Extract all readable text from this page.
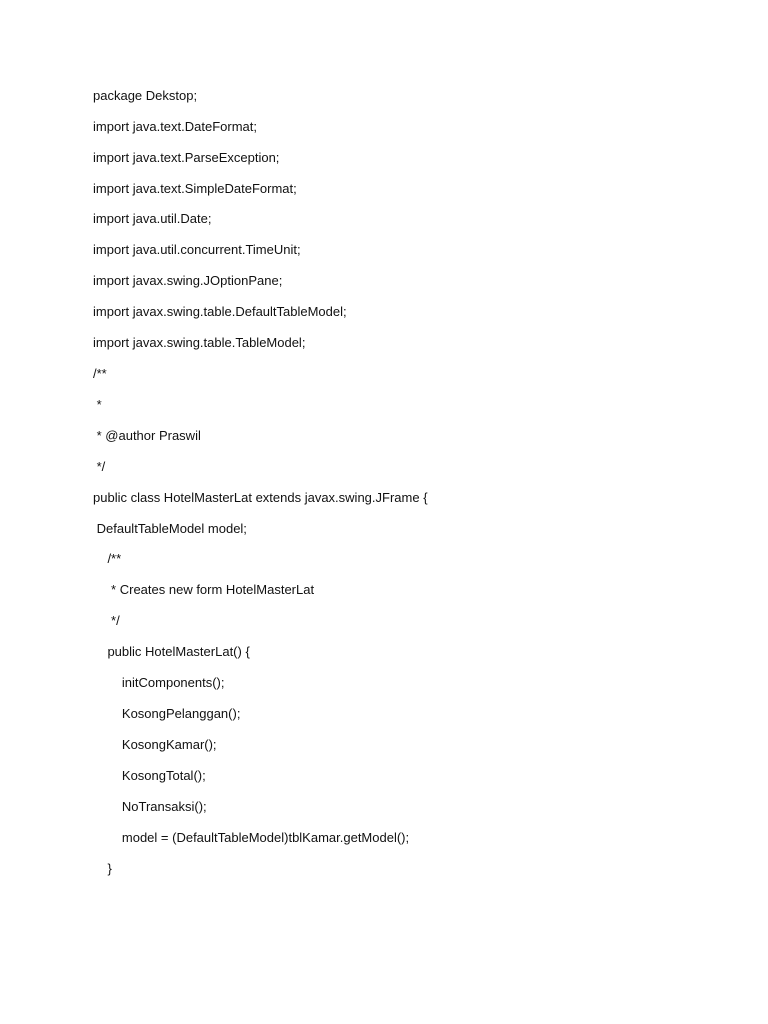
package Dekstop;
import java.text.DateFormat;
import java.text.ParseException;
import java.text.SimpleDateFormat;
import java.util.Date;
import java.util.concurrent.TimeUnit;
import javax.swing.JOptionPane;
import javax.swing.table.DefaultTableModel;
import javax.swing.table.TableModel;
/**
*
* @author Praswil
*/
public class HotelMasterLat extends javax.swing.JFrame {
DefaultTableModel model;
/**
* Creates new form HotelMasterLat
*/
public HotelMasterLat() {
initComponents();
KosongPelanggan();
KosongKamar();
KosongTotal();
NoTransaksi();
model = (DefaultTableModel)tblKamar.getModel();
}
